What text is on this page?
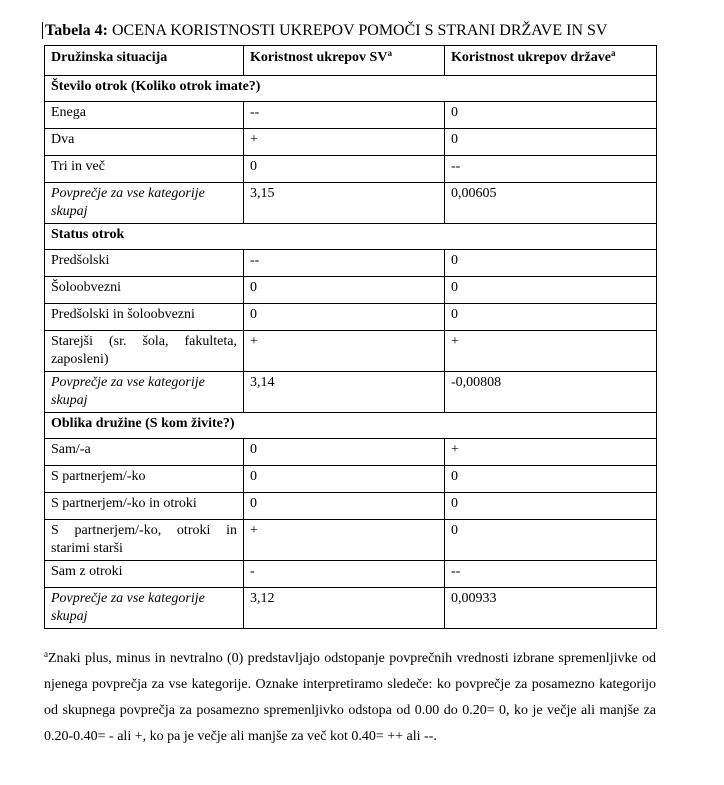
Tabela 4: OCENA KORISTNOSTI UKREPOV POMOČI S STRANI DRŽAVE IN SV
Družinska situacija	Koristnost ukrepov $SV^a$	Koristnost ukrepov države$^a$
Število otrok (Koliko otrok imate?)		
Enega	--	0
Dva	+	0
Tri in več	0	--
Povprečje za vse kategorije skupaj	3,15	0,00605
Status otrok		
Predšolski	--	0
Šoloobvezni	0	0
Predšolski in šoloobvezni	0	0

Starejši (sr. šola, fakulteta,
zaposleni)	+	+
Povprečje za vse kategorije skupaj	3,14	-0,00808
Oblika družine (S kom živite?)		
Sam/-a	0	+
S partnerjem/-ko	0	0
S partnerjem/-ko in otroki	0	0

S partnerjem/-ko, otroki in
starimi starši	+	0
Sam z otroki	-	--
Povprečje za vse kategorije skupaj	3,12	0,00933
$^a$Znaki plus, minus in nevtralno (0) predstavljajo odstopanje povprečnih vrednosti izbrane spremenljivke od njenega povprečja za vse kategorije. Oznake interpretiramo sledeče: ko povprečje za posamezno kategorijo od skupnega povprečja za posamezno spremenljivko odstopa od 0.00 do 0.20= 0, ko je večje ali manjše za 0.20-0.40= - ali +, ko pa je večje ali manjše za več kot 0.40= ++ ali --.
